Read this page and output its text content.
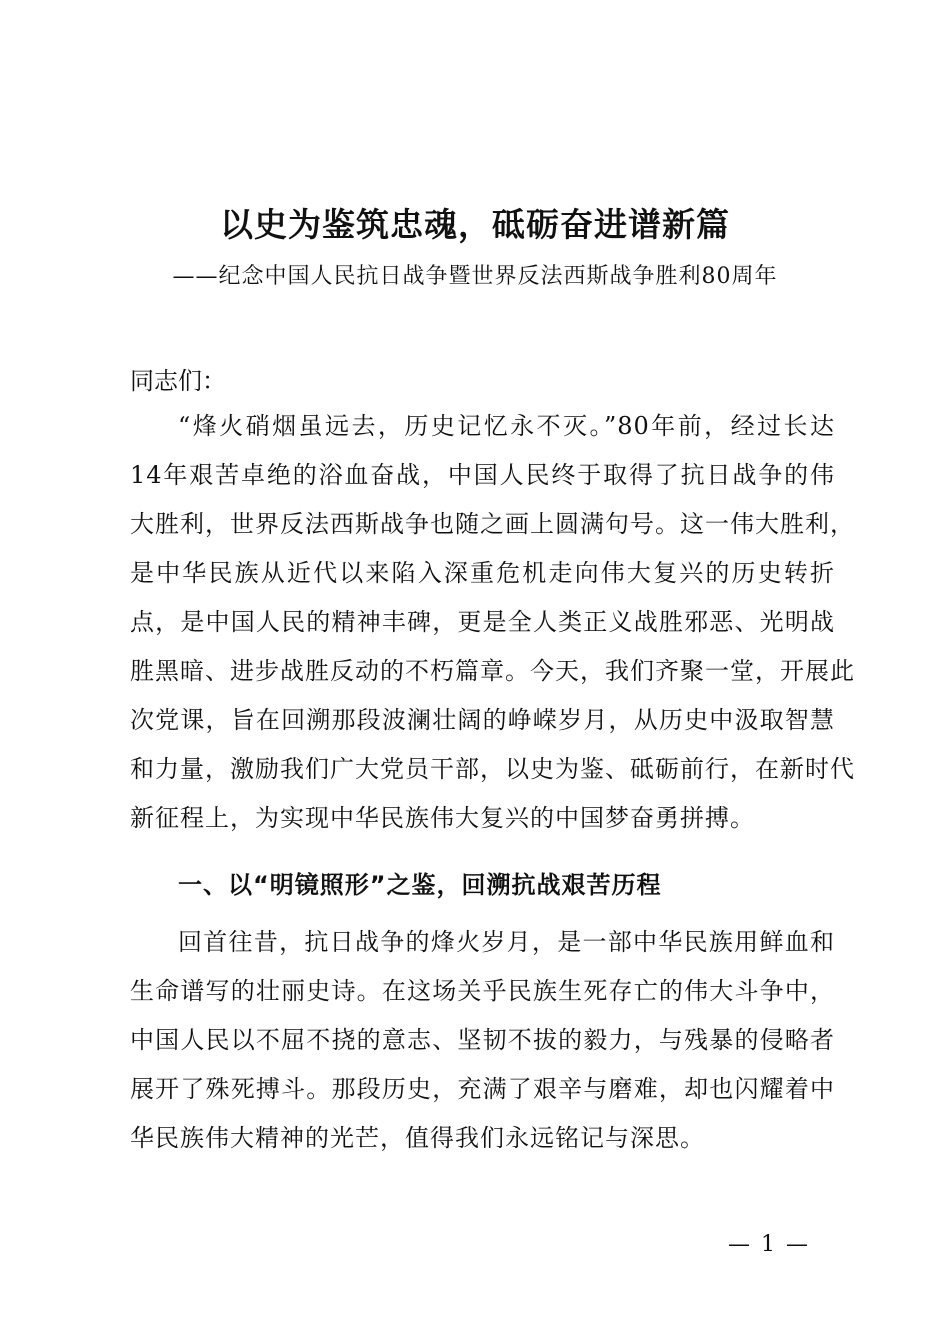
以史为鉴筑忠魂，砥砺奋进谱新篇
——纪念中国人民抗日战争暨世界反法西斯战争胜利80周年
同志们：
“烽火硝烟虽远去，历史记忆永不灭。”80年前，经过长达
14年艰苦卓绝的浴血奋战，中国人民终于取得了抗日战争的伟
大胜利，世界反法西斯战争也随之画上圆满句号。这一伟大胜利，
是中华民族从近代以来陷入深重危机走向伟大复兴的历史转折
点，是中国人民的精神丰碑，更是全人类正义战胜邪恶、光明战
胜黑暗、进步战胜反动的不朽篇章。今天，我们齐聚一堂，开展此
次党课，旨在回溯那段波澜壮阔的峥嵘岁月，从历史中汲取智慧
和力量，激励我们广大党员干部，以史为鉴、砥砺前行，在新时代
新征程上，为实现中华民族伟大复兴的中国梦奋勇拼搏。
一、以“明镜照形”之鉴，回溯抗战艰苦历程
回首往昔，抗日战争的烽火岁月，是一部中华民族用鲜血和
生命谱写的壮丽史诗。在这场关乎民族生死存亡的伟大斗争中，
中国人民以不屈不挠的意志、坚韧不拔的毅力，与残暴的侵略者
展开了殊死搏斗。那段历史，充满了艰辛与磨难，却也闪耀着中
华民族伟大精神的光芒，值得我们永远铭记与深思。
— 1 —
